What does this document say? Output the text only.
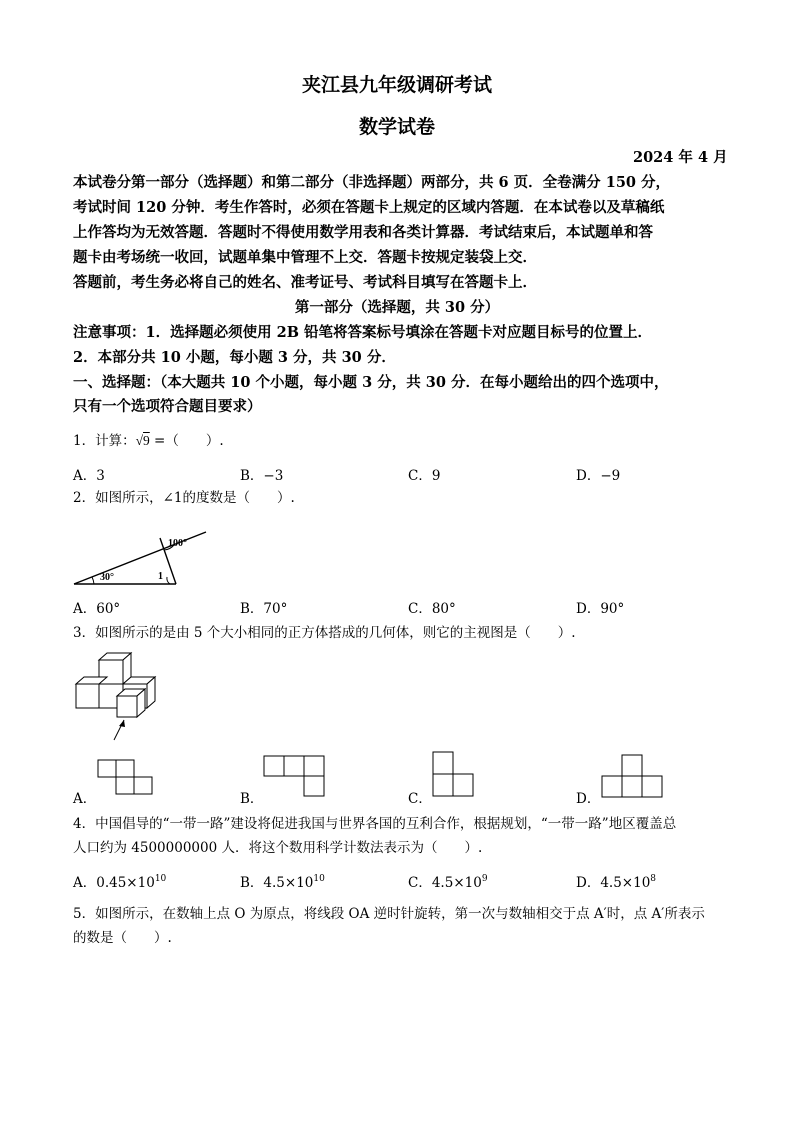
夹江县九年级调研考试
数学试卷
2024 年 4 月
本试卷分第一部分（选择题）和第二部分（非选择题）两部分，共 6 页．全卷满分 150 分，
考试时间 120 分钟．考生作答时，必须在答题卡上规定的区域内答题．在本试卷以及草稿纸
上作答均为无效答题．答题时不得使用数学用表和各类计算器．考试结束后，本试题单和答
题卡由考场统一收回，试题单集中管理不上交．答题卡按规定装袋上交．
答题前，考生务必将自己的姓名、准考证号、考试科目填写在答题卡上．
第一部分（选择题，共 30 分）
注意事项：1．选择题必须使用 2B 铅笔将答案标号填涂在答题卡对应题目标号的位置上．
2．本部分共 10 小题，每小题 3 分，共 30 分．
一、选择题：（本大题共 10 个小题，每小题 3 分，共 30 分．在每小题给出的四个选项中，
只有一个选项符合题目要求）
1．计算：√9 =（　　）.
A．3	B．−3	C．9	D．−9
2．如图所示，∠1的度数是（　　）.
100°
30°	1
A．60°	B．70°	C．80°	D．90°
3．如图所示的是由 5 个大小相同的正方体搭成的几何体，则它的主视图是（　　）.
A．	B．	C．	D．
4．中国倡导的“一带一路”建设将促进我国与世界各国的互利合作，根据规划，“一带一路”地区覆盖总
人口约为 4500000000 人．将这个数用科学计数法表示为（　　）.
A．$0.45\times 10^{10}$	B．$4.5\times 10^{10}$	C．$4.5\times 10^9$	D．$4.5\times 10^8$
5．如图所示，在数轴上点 O 为原点，将线段 OA 逆时针旋转，第一次与数轴相交于点 A′时，点 A′所表示
的数是（　　）.
